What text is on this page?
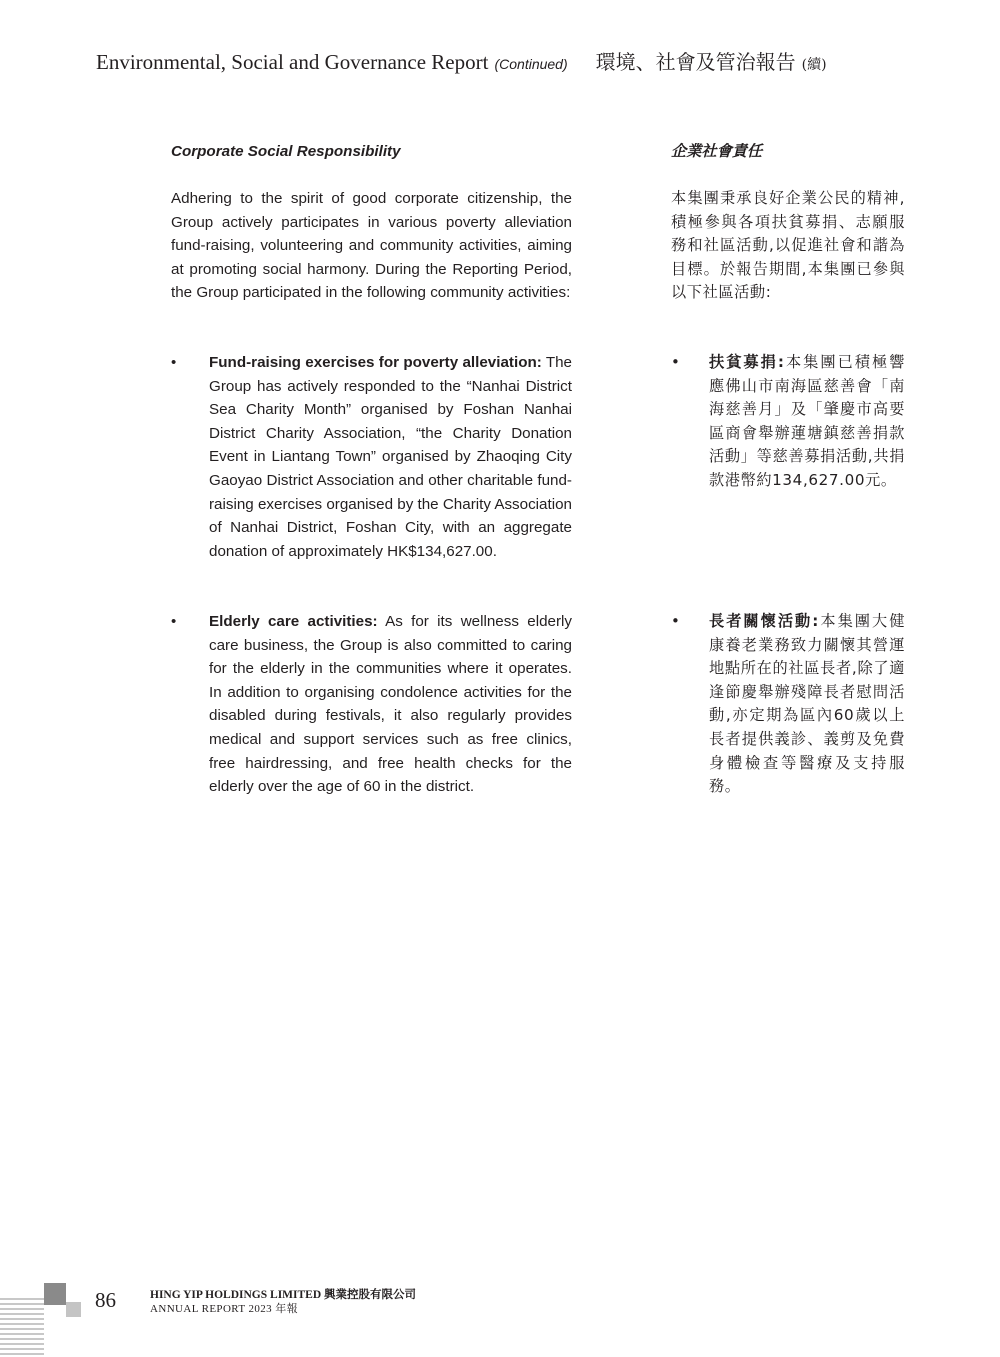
Environmental, Social and Governance Report (Continued) 環境、社會及管治報告 (續)
Corporate Social Responsibility

Adhering to the spirit of good corporate citizenship, the Group actively participates in various poverty alleviation fund-raising, volunteering and community activities, aiming at promoting social harmony. During the Reporting Period, the Group participated in the following community activities:

• Fund-raising exercises for poverty alleviation: The Group has actively responded to the “Nanhai District Sea Charity Month” organised by Foshan Nanhai District Charity Association, “the Charity Donation Event in Liantang Town” organised by Zhaoqing City Gaoyao District Association and other charitable fund-raising exercises organised by the Charity Association of Nanhai District, Foshan City, with an aggregate donation of approximately HK$134,627.00.

• Elderly care activities: As for its wellness elderly care business, the Group is also committed to caring for the elderly in the communities where it operates. In addition to organising condolence activities for the disabled during festivals, it also regularly provides medical and support services such as free clinics, free hairdressing, and free health checks for the elderly over the age of 60 in the district.

企業社會責任

本集團秉承良好企業公民的精神,積極參與各項扶貧募捐、志願服務和社區活動,以促進社會和諧為目標。於報告期間,本集團已參與以下社區活動:

• 扶貧募捐:本集團已積極響應佛山市南海區慈善會「南海慈善月」及「肇慶市高要區商會舉辦蓮塘鎮慈善捐款活動」等慈善募捐活動,共捐款港幣約134,627.00元。

• 長者關懷活動:本集團大健康養老業務致力關懷其營運地點所在的社區長者,除了適逢節慶舉辦殘障長者慰問活動,亦定期為區內60歲以上長者提供義診、義剪及免費身體檢查等醫療及支持服務。

86	HING YIP HOLDINGS LIMITED 興業控股有限公司
ANNUAL REPORT 2023 年報
